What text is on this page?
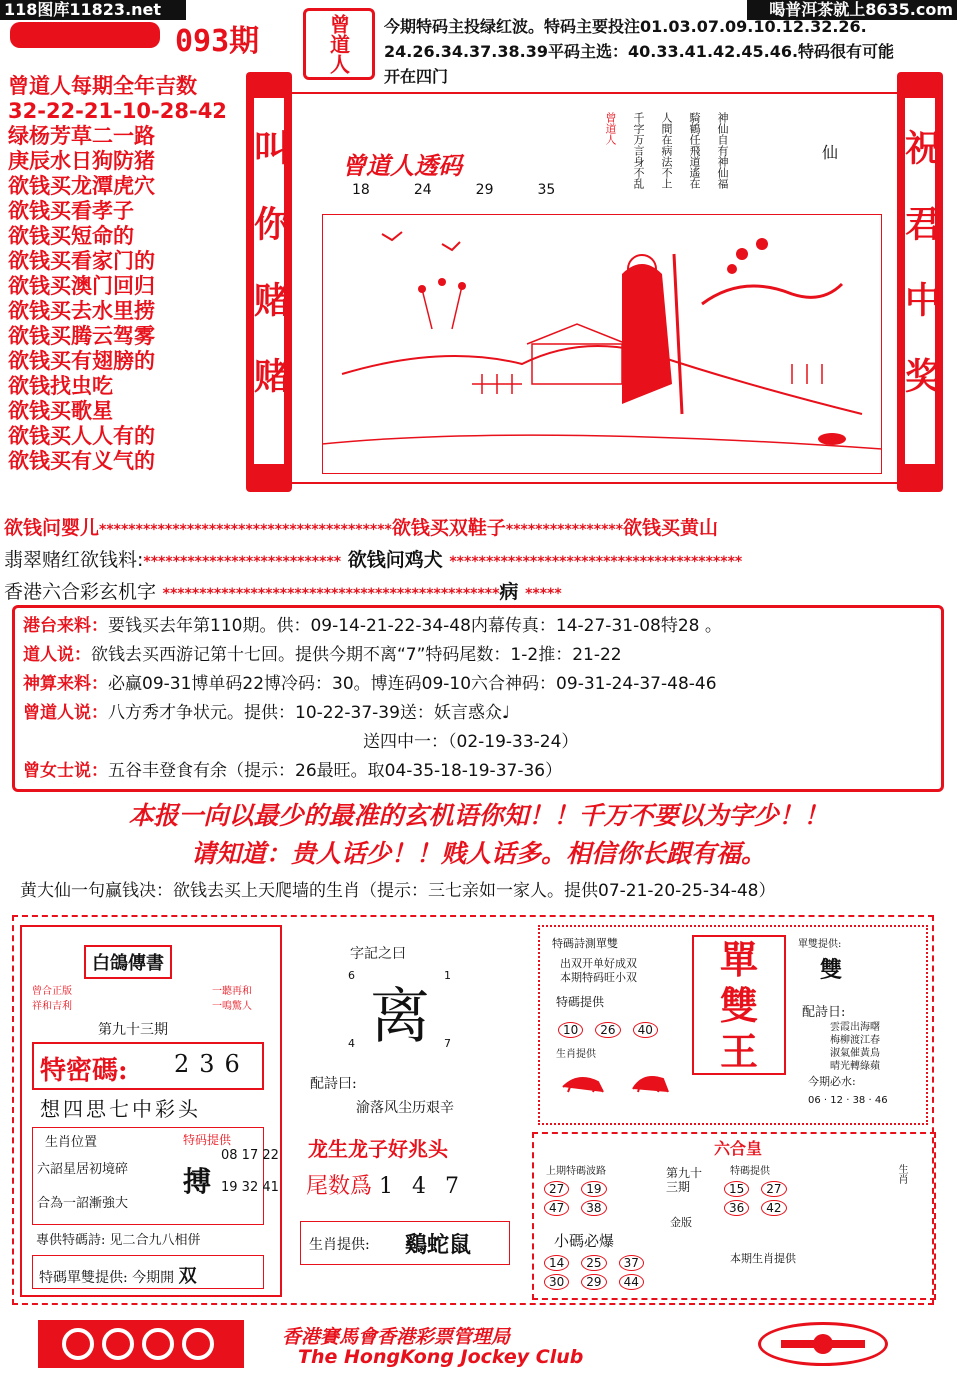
118图库11823.net	喝普洱茶就上8635.com
093期	曾道人 今期特码主投绿红波。特码主要投注01.03.07.09.10.12.32.26.
24.26.34.37.38.39平码主选：40.33.41.42.45.46.特码很有可能
开在四门
曾道人每期全年吉数
32-22-21-10-28-42
绿杨芳草二一路
庚辰水日狗防猪
欲钱买龙潭虎穴
欲钱买看孝子
欲钱买短命的
欲钱买看家门的
欲钱买澳门回归
欲钱买去水里捞
欲钱买腾云驾雾
欲钱买有翅膀的
欲钱找虫吃
欲钱买歌星
欲钱买人人有的
欲钱买有义气的
叫你赌赌	祝君中奖
曾道人透码
18	24	29	35
神仙自有神仙福
騎鶴任飛道遙在
人間在病法不上
千字万言身不乱
曾道人
仙
欲钱问婴儿****************************************欲钱买双鞋子****************欲钱买黄山
翡翠赌红欲钱料:*************************** 欲钱问鸡犬 ****************************************
香港六合彩玄机字 **********************************************病 *****
港台来料：要钱买去年第110期。供：09-14-21-22-34-48内幕传真：14-27-31-08特28 。
道人说：欲钱去买西游记第十七回。提供今期不离“7”特码尾数：1-2推：21-22
神算来料：必赢09-31博单码22博冷码：30。博连码09-10六合神码：09-31-24-37-48-46
曾道人说：八方秀才争状元。提供：10-22-37-39送：妖言惑众♩
送四中一：（02-19-33-24）
曾女士说：五谷丰登食有余（提示：26最旺。取04-35-18-19-37-36）
本报一向以最少的最准的玄机语你知！！千万不要以为字少！！
请知道：贵人话少！！贱人话多。相信你长跟有福。
黄大仙一句赢钱决：欲钱去买上天爬墙的生肖（提示：三七亲如一家人。提供07-21-20-25-34-48）
白鴿傳書
曾合正版 祥和吉利
一聽再和 一鳴驚人
第九十三期
特密碼: 236
想四思七中彩头
生肖位置	特码提供
六詔星居初境碎
合為一詔漸強大
搏
08 17 22
19 32 41
專供特碼詩: 见二合九八相併
特碼單雙提供: 今期開 双
字記之曰
6	1
离
4	7
配詩曰:
渝落风尘历艰辛
龙生龙子好兆头
尾数爲 1 4 7
生肖提供: 鷄蛇鼠
特碼詩測單雙
出双开单好成双
本期特码旺小双
特碼提供
10 26 40
生肖提供
單
雙
王
單雙提供:
雙
配詩日:
雲霞出海曙
梅柳渡江春
淑氣催黃鳥
晴光轉綠蘋
今期必水:
06 · 12 · 38 · 46
六合皇
上期特碼波路
27 19
47 38
第九十三期
金版
特碼提供
15 27
36 42
生肖
小碼必爆
14 25 37
30 29 44
本期生肖提供
香港賽馬會香港彩票管理局
The HongKong Jockey Club
